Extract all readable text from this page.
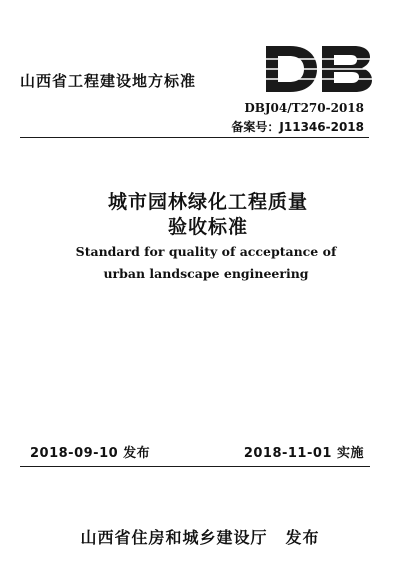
山西省工程建设地方标准
DBJ04/T270-2018
备案号：J11346-2018
城市园林绿化工程质量
验收标准
Standard for quality of acceptance of
urban landscape engineering
2018-09-10 发布	2018-11-01 实施
山西省住房和城乡建设厅 发布
